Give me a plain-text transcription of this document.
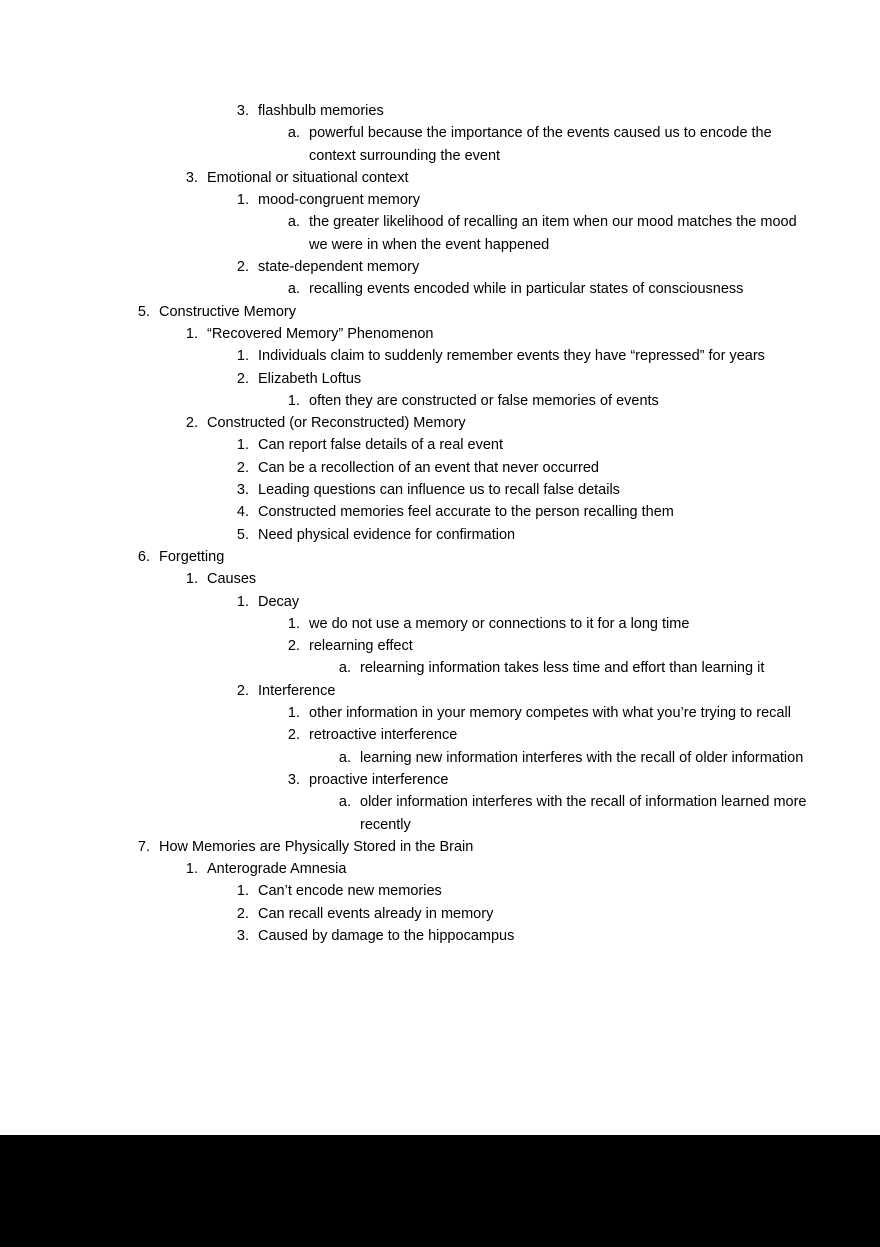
3. flashbulb memories
a. powerful because the importance of the events caused us to encode the context surrounding the event
3. Emotional or situational context
1. mood-congruent memory
a. the greater likelihood of recalling an item when our mood matches the mood we were in when the event happened
2. state-dependent memory
a. recalling events encoded while in particular states of consciousness
5. Constructive Memory
1. “Recovered Memory” Phenomenon
1. Individuals claim to suddenly remember events they have “repressed” for years
2. Elizabeth Loftus
1. often they are constructed or false memories of events
2. Constructed (or Reconstructed) Memory
1. Can report false details of a real event
2. Can be a recollection of an event that never occurred
3. Leading questions can influence us to recall false details
4. Constructed memories feel accurate to the person recalling them
5. Need physical evidence for confirmation
6. Forgetting
1. Causes
1. Decay
1. we do not use a memory or connections to it for a long time
2. relearning effect
a. relearning information takes less time and effort than learning it
2. Interference
1. other information in your memory competes with what you’re trying to recall
2. retroactive interference
a. learning new information interferes with the recall of older information
3. proactive interference
a. older information interferes with the recall of information learned more recently
7. How Memories are Physically Stored in the Brain
1. Anterograde Amnesia
1. Can’t encode new memories
2. Can recall events already in memory
3. Caused by damage to the hippocampus
